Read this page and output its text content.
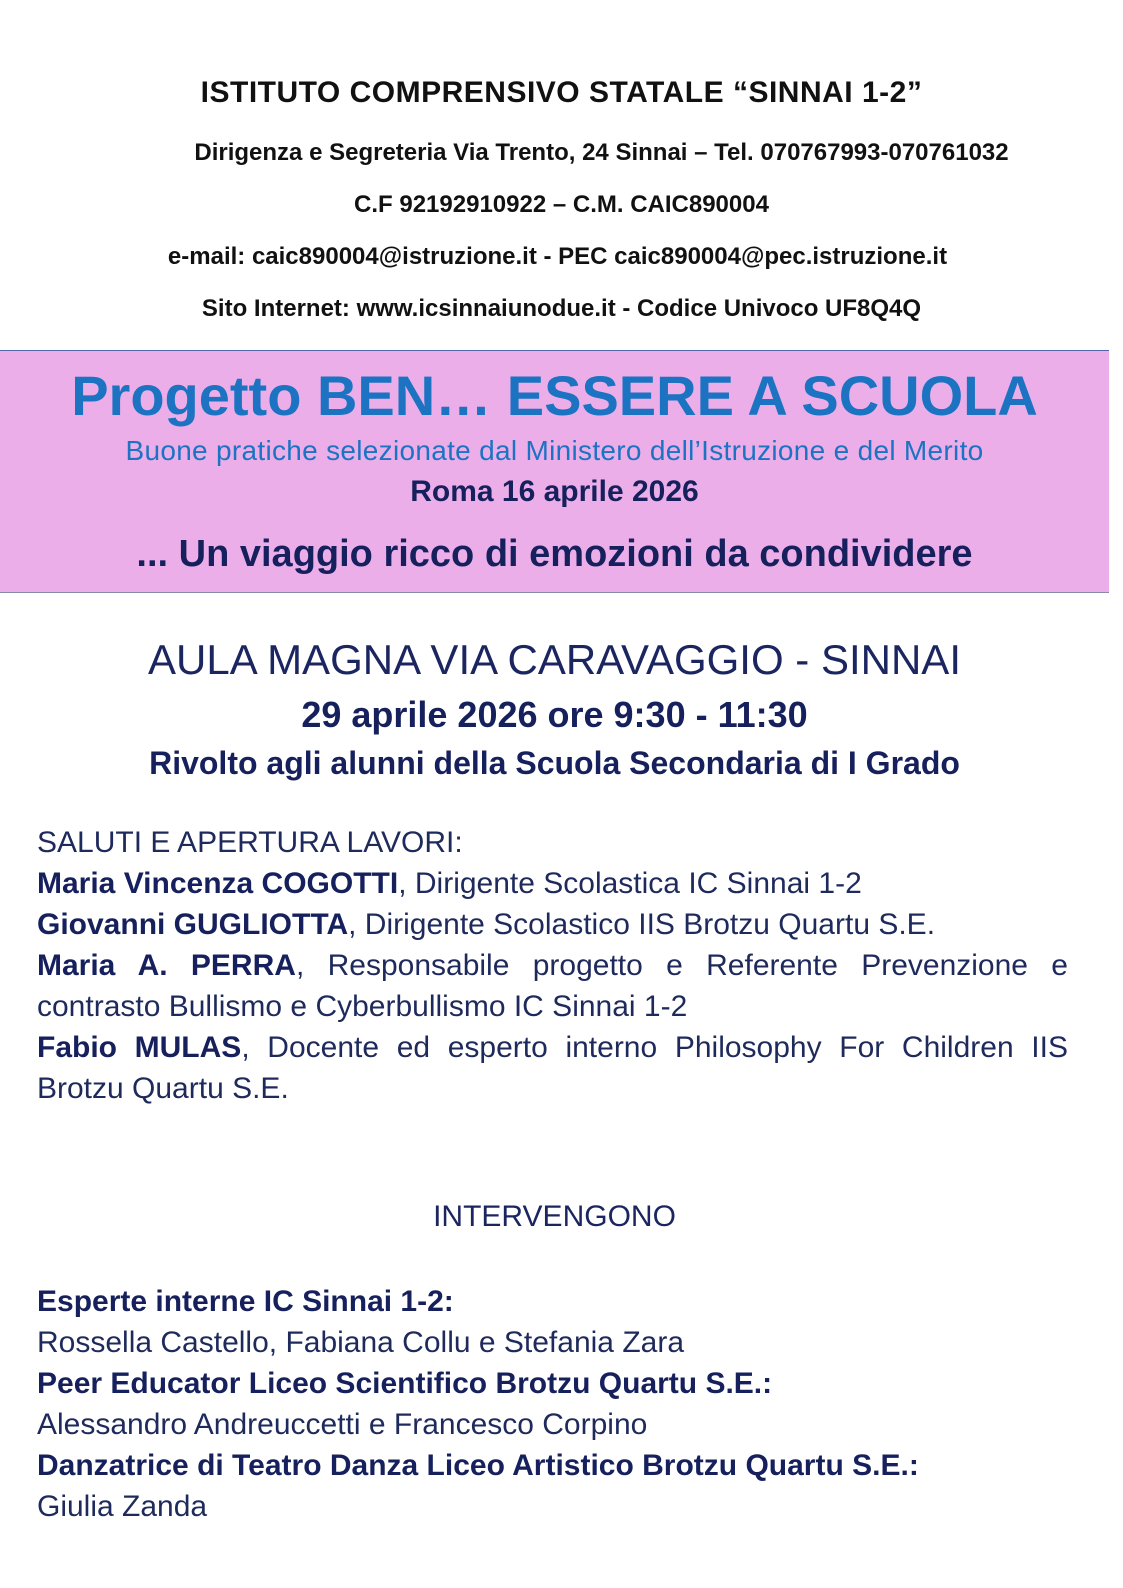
ISTITUTO COMPRENSIVO STATALE “SINNAI 1-2”
Dirigenza e Segreteria Via Trento, 24 Sinnai – Tel. 070767993-070761032
C.F 92192910922 – C.M. CAIC890004
e-mail: caic890004@istruzione.it - PEC caic890004@pec.istruzione.it
Sito Internet: www.icsinnaiunodue.it - Codice Univoco UF8Q4Q
Progetto BEN… ESSERE A SCUOLA
Buone pratiche selezionate dal Ministero dell’Istruzione e del Merito
Roma 16 aprile 2026
... Un viaggio ricco di emozioni da condividere
AULA MAGNA VIA CARAVAGGIO - SINNAI
29 aprile 2026 ore 9:30 - 11:30
Rivolto agli alunni della Scuola Secondaria di I Grado
SALUTI E APERTURA LAVORI:

Maria Vincenza COGOTTI, Dirigente Scolastica IC Sinnai 1-2

Giovanni GUGLIOTTA, Dirigente Scolastico IIS Brotzu Quartu S.E.

Maria A. PERRA, Responsabile progetto e Referente Prevenzione e contrasto Bullismo e Cyberbullismo IC Sinnai 1-2

Fabio MULAS, Docente ed esperto interno Philosophy For Children IIS Brotzu Quartu S.E.

INTERVENGONO
Esperte interne IC Sinnai 1-2:
Rossella Castello, Fabiana Collu e Stefania Zara
Peer Educator Liceo Scientifico Brotzu Quartu S.E.:
Alessandro Andreuccetti e Francesco Corpino
Danzatrice di Teatro Danza Liceo Artistico Brotzu Quartu S.E.:
Giulia Zanda
